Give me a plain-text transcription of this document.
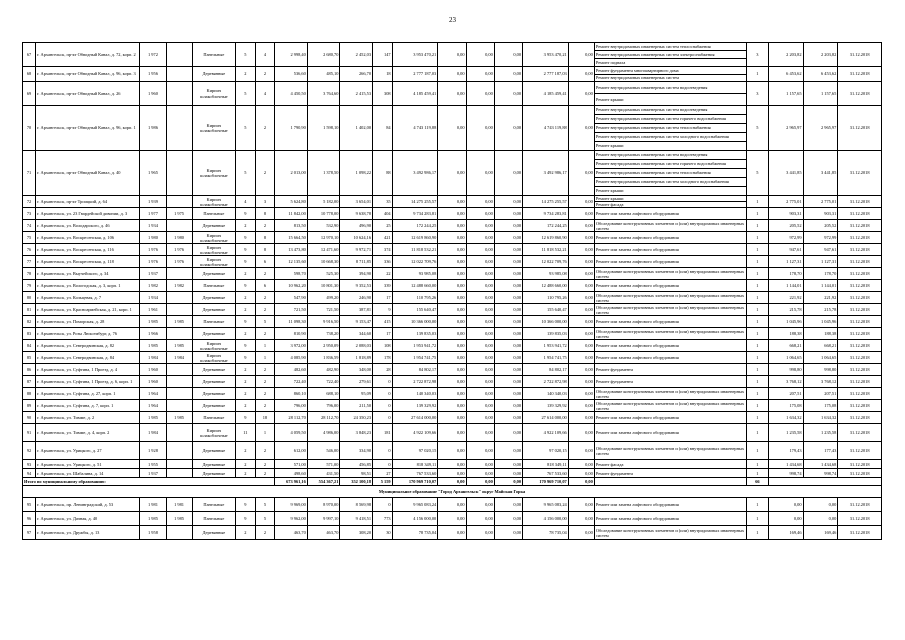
23
67	г. Архангельск, пр-кт Обводный Канал, д. 72, корп. 2	1 972		Панельные	5	4	2 998,40	2 680,70	2 452,03	147	3 953 470,21	0,00	0,00	0,00	3 953 470,21	0,00	Ремонт внутридомовых инженерных систем теплоснабжения	3	2 203,82	2 203,82	31.12.2018
																	Ремонт внутридомовых инженерных систем электроснабжения				
																	Ремонт подвала				
68	г. Архангельск, пр-кт Обводный Канал, д. 96, корп. 3	1 956		Деревянные	2	2	536,60	485,10	266,70	18	2 777 187,03	0,00	0,00	0,00	2 777 187,03	0,00	Ремонт фундамента многоквартирного дома	1	6 453,62	6 453,62	31.12.2018
																	Ремонт внутридомовых инженерных систем				
69	г. Архангельск, пр-кт Обводный Канал, д. 26	1 960		Кирпич шлакоблочные	5	4	4 450,50	3 764,60	2 415,53	308	4 185 459,41	0,00	0,00	0,00	4 185 459,41	0,00	Ремонт внутридомовых инженерных систем водоотведения	3	1 157,65	1 157,65	31.12.2018
																	Ремонт крыши				
70	г. Архангельск, пр-кт Обводный Канал, д. 96, корп. 1	1 986		Кирпич шлакоблочные	5	2	1 790,90	1 598,10	1 402,00	84	4 743 119,88	0,00	0,00	0,00	4 743 119,88	0,00	Ремонт внутридомовых инженерных систем водоотведения	5	2 965,97	2 965,97	31.12.2018
																	Ремонт внутридомовых инженерных систем горячего водоснабжения				
																	Ремонт внутридомовых инженерных систем теплоснабжения				
																	Ремонт внутридомовых инженерных систем холодного водоснабжения				
																	Ремонт крыши				
71	г. Архангельск, пр-кт Обводный Канал, д. 40	1 965		Кирпич шлакоблочные	5	2	2 013,00	1 378,50	1 098,22	88	3 492 986,17	0,00	0,00	0,00	3 492 986,17	0,00	Ремонт внутридомовых инженерных систем водоотведения	5	3 441,85	3 441,85	31.12.2018
																	Ремонт внутридомовых инженерных систем горячего водоснабжения				
																	Ремонт внутридомовых инженерных систем теплоснабжения				
																	Ремонт внутридомовых инженерных систем холодного водоснабжения				
																	Ремонт крыши				
72	г. Архангельск, пр-кт Троицкий, д. 64	1 939		Кирпич шлакоблочные	4	3	5 624,80	5 182,00	3 654,01	35	14 275 255,57	0,00	0,00	0,00	14 275 255,57	0,00	Ремонт крыши	1	2 775,01	2 775,01	31.12.2018
																	Ремонт фасада				
73	г. Архангельск, ул. 23 Гвардейской дивизии, д. 3	1 977	1 975	Панельные	9	8	11 842,00	10 778,00	9 638,78	404	9 734 283,81	0,00	0,00	0,00	9 734 283,81	0,00	Ремонт или замена лифтового оборудования	1	903,31	903,31	31.12.2018
74	г. Архангельск, ул. Володарского, д. 46	1 934		Деревянные	2	2	813,50	532,90	496,90	25	172 244,25	0,00	0,00	0,00	172 244,25	0,00	Обследование конструктивных элементов и (или) внутридомовых инженерных систем	1	205,52	205,52	31.12.2018
75	г. Архангельск, ул. Воскресенская, д. 106	1 980	1 980	Кирпич шлакоблочные	9	8	15 664,50	12 970,10	10 624,16	421	12 619 860,90	0,00	0,00	0,00	12 619 860,90	0,00	Ремонт или замена лифтового оборудования	1	972,99	972,99	31.12.2018
76	г. Архангельск, ул. Воскресенская, д. 116	1 976	1 976	Кирпич шлакоблочные	9	8	13 473,80	12 471,60	9 972,71	374	11 818 532,21	0,00	0,00	0,00	11 818 532,21	0,00	Ремонт или замена лифтового оборудования	1	947,61	947,61	31.12.2018
77	г. Архангельск, ул. Воскресенская, д. 118	1 976	1 976	Кирпич шлакоблочные	9	6	12 135,60	10 668,30	8 711,85	336	12 022 709,76	0,00	0,00	0,00	12 022 709,76	0,00	Ремонт или замена лифтового оборудования	1	1 127,31	1 127,31	31.12.2018
78	г. Архангельск, ул. Выучейского, д. 34	1 937		Деревянные	2	2	598,70	525,30	394,90	22	93 985,08	0,00	0,00	0,00	93 985,08	0,00	Обследование конструктивных элементов и (или) внутридомовых инженерных систем	1	178,70	178,70	31.12.2018
79	г. Архангельск, ул. Вологодская, д. 3, корп. 1	1 982	1 982	Панельные	9	6	10 962,20	10 801,30	9 352,53	339	12 488 660,00	0,00	0,00	0,00	12 488 660,00	0,00	Ремонт или замена лифтового оборудования	1	1 144,01	1 144,01	31.12.2018
80	г. Архангельск, ул. Кольцевая, д. 7	1 934		Деревянные	2	2	547,90	499,20	246,90	17	110 795,26	0,00	0,00	0,00	110 795,26	0,00	Обследование конструктивных элементов и (или) внутридомовых инженерных систем	1	221,92	221,92	31.12.2018
81	г. Архангельск, ул. Красноармейская, д. 21, корп. 1	1 961		Деревянные	2	2	721,50	721,50	387,81	9	155 640,47	0,00	0,00	0,00	155 640,47	0,00	Обследование конструктивных элементов и (или) внутридомовых инженерных систем	1	215,78	215,78	31.12.2018
82	г. Архангельск, ул. Поморская, д. 28	1 985	1 985	Панельные	9	5	11 098,30	9 916,50	9 153,47	415	10 366 000,00	0,00	0,00	0,00	10 366 000,00	0,00	Ремонт или замена лифтового оборудования	1	1 045,96	1 045,96	31.12.2018
83	г. Архангельск, ул. Розы Люксембург, д. 76	1 966		Деревянные	2	2	810,90	738,20	344,60	17	139 835,03	0,00	0,00	0,00	139 835,03	0,00	Обследование конструктивных элементов и (или) внутридомовых инженерных систем	1	188,38	188,38	31.12.2018
84	г. Архангельск, ул. Северодвинская, д. 82	1 985	1 985	Кирпич шлакоблочные	9	1	3 972,00	2 950,09	2 088,03	108	1 953 941,72	0,00	0,00	0,00	1 953 941,72	0,00	Ремонт или замена лифтового оборудования	1	668,21	668,21	31.12.2018
85	г. Архангельск, ул. Северодвинская, д. 84	1 984	1 984	Кирпич шлакоблочные	9	1	4 085,90	1 836,59	1 818,89	178	1 954 741,75	0,00	0,00	0,00	1 954 741,75	0,00	Ремонт или замена лифтового оборудования	1	1 064,65	1 064,65	31.12.2018
86	г. Архангельск, ул. Суфтина, 1 Проезд, д. 4	1 960		Деревянные	2	2	482,60	482,90	348,00	28	84 802,17	0,00	0,00	0,00	84 802,17	0,00	Ремонт фундамента	1	998,80	998,80	31.12.2018
87	г. Архангельск, ул. Суфтина, 1 Проезд, д. 6, корп. 1	1 960		Деревянные	2	2	722,40	722,40	279,61	0	2 722 872,98	0,00	0,00	0,00	2 722 872,98	0,00	Ремонт фундамента	1	3 768,12	3 768,12	31.12.2018
88	г. Архангельск, ул. Суфтина, д. 27, корп. 1	1 964		Деревянные	2	2	860,10	688,10	95,09	0	140 340,03	0,00	0,00	0,00	140 340,03	0,00	Обследование конструктивных элементов и (или) внутридомовых инженерных систем	1	207,51	207,51	31.12.2018
89	г. Архангельск, ул. Суфтина, д. 7, корп. 1	1 964		Деревянные	2	2	796,00	796,00	211,50	0	139 329,92	0,00	0,00	0,00	139 329,92	0,00	Обследование конструктивных элементов и (или) внутридомовых инженерных систем	1	175,08	175,08	31.12.2018
90	г. Архангельск, ул. Тимме, д. 2	1 985	1 985	Панельные	9	18	28 112,70	28 112,70	24 350,23	0	27 614 000,00	0,00	0,00	0,00	27 614 000,00	0,00	Ремонт или замена лифтового оборудования	1	1 634,32	1 634,32	31.12.2018
91	г. Архангельск, ул. Тимме, д. 4, корп. 2	1 984		Кирпич шлакоблочные	11	1	4 059,50	4 986,00	3 848,23	181	4 922 109,66	0,00	0,00	0,00	4 922 109,66	0,00	Ремонт или замена лифтового оборудования	1	1 235,58	1 235,58	31.12.2018
92	г. Архангельск, ул. Урицкого, д. 27	1 928		Деревянные	2	2	612,00	546,00	334,90	0	97 020,15	0,00	0,00	0,00	97 020,15	0,00	Обследование конструктивных элементов и (или) внутридомовых инженерных систем	1	179,43	177,43	31.12.2018
93	г. Архангельск, ул. Урицкого, д. 51	1 955		Деревянные	2	2	571,00	571,00	456,85	0	818 349,11	0,00	0,00	0,00	818 349,11	0,00	Ремонт фасада	1	1 434,68	1 434,68	31.12.2018
94	г. Архангельск, ул. Шабалина, д. 14	1 937		Деревянные	2	2	498,60	431,50	98,51	27	767 533,60	0,00	0,00	0,00	767 533,60	0,00	Ремонт фундамента	1	998,74	998,74	31.12.2018
Итого по муниципальному образованию:							673 961,16	554 367,21	352 100,18	5 159	170 969 710,07	0,00	0,00	0,00	170 969 710,07	0,00		66			
Муниципальное образование "Город Архангельск" округ Майская Горка																					
95	г. Архангельск, пр. Ленинградский, д. 53	1 981	1 981	Панельные	9	5	9 969,00	8 970,00	8 569,98	0	9 965 083,24	0,00	0,00	0,00	9 965 083,24	0,00	Ремонт или замена лифтового оборудования	1	0,00	0,00	31.12.2018
96	г. Архангельск, ул. Дачная, д. 40	1 985	1 985	Панельные	9	5	9 962,00	9 997,10	9 418,51	773	4 156 000,00	0,00	0,00	0,00	4 156 000,00	0,00	Ремонт или замена лифтового оборудования	1	0,00	0,00	31.12.2018
97	г. Архангельск, ул. Дружбы, д. 13	1 958		Деревянные	2	2	463,70	463,70	308,20	30	78 735,04	0,00	0,00	0,00	78 735,04	0,00	Обследование конструктивных элементов и (или) внутридомовых инженерных систем	1	169,46	169,46	31.12.2018
